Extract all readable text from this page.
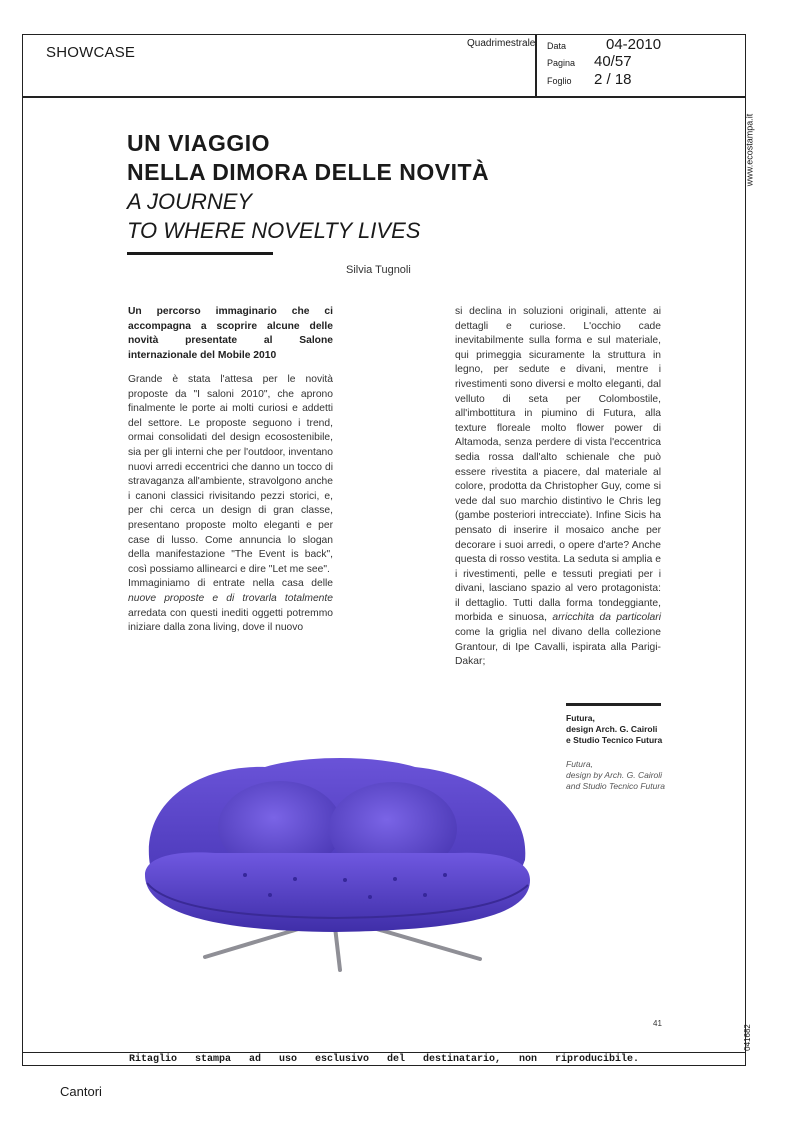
SHOWCASE
Quadrimestrale Data	04-2010
Pagina 40/57
Foglio 2 / 18
www.ecostampa.it
041682
UN VIAGGIO
NELLA DIMORA DELLE NOVITÀ
A JOURNEY
TO WHERE NOVELTY LIVES
Silvia Tugnoli
Un percorso immaginario che ci accompagna a scoprire alcune delle novità presentate al Salone internazionale del Mobile 2010

Grande è stata l'attesa per le novità proposte da "I saloni 2010", che aprono finalmente le porte ai molti curiosi e addetti del settore. Le proposte seguono i trend, ormai consolidati del design ecosostenibile, sia per gli interni che per l'outdoor, inventano nuovi arredi eccentrici che danno un tocco di stravaganza all'ambiente, stravolgono anche i canoni classici rivisitando pezzi storici, e, per chi cerca un design di gran classe, presentano proposte molto eleganti e per case di lusso. Come annuncia lo slogan della manifestazione "The Event is back", così possiamo allinearci e dire "Let me see".

Immaginiamo di entrate nella casa delle nuove proposte e di trovarla totalmente arredata con questi inediti oggetti potremmo iniziare dalla zona living, dove il nuovo

si declina in soluzioni originali, attente ai dettagli e curiose. L'occhio cade inevitabilmente sulla forma e sul materiale, qui primeggia sicuramente la struttura in legno, per sedute e divani, mentre i rivestimenti sono diversi e molto eleganti, dal velluto di seta per Colombostile, all'imbottitura in piumino di Futura, alla texture floreale molto flower power di Altamoda, senza perdere di vista l'eccentrica sedia rossa dall'alto schienale che può essere rivestita a piacere, dal materiale al colore, prodotta da Christopher Guy, come si vede dal suo marchio distintivo le Chris leg (gambe posteriori intrecciate). Infine Sicis ha pensato di inserire il mosaico anche per decorare i suoi arredi, o opere d'arte? Anche questa di rosso vestita. La seduta si amplia e i rivestimenti, pelle e tessuti pregiati per i divani, lasciano spazio al vero protagonista: il dettaglio. Tutti dalla forma tondeggiante, morbida e sinuosa, arricchita da particolari come la griglia nel divano della collezione Grantour, di Ipe Cavalli, ispirata alla Parigi-Dakar;

Futura,
design Arch. G. Cairoli
e Studio Tecnico Futura
Futura,
design by Arch. G. Cairoli
and Studio Tecnico Futura
41
Ritaglio stampa ad uso esclusivo del destinatario, non riproducibile.
Cantori
